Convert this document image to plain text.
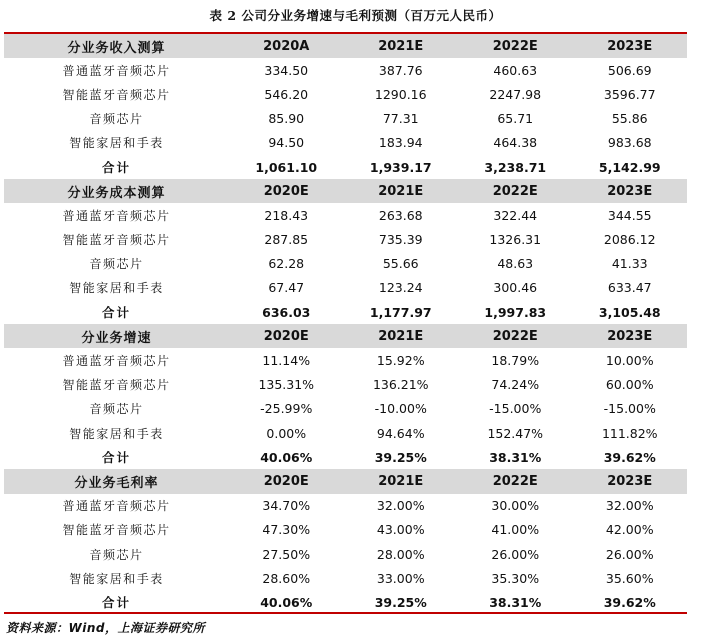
表 2 公司分业务增速与毛利预测（百万元人民币）
分业务收入测算	2020A	2021E	2022E	2023E
普通蓝牙音频芯片	334.50	387.76	460.63	506.69
智能蓝牙音频芯片	546.20	1290.16	2247.98	3596.77
音频芯片	85.90	77.31	65.71	55.86
智能家居和手表	94.50	183.94	464.38	983.68
合计	1,061.10	1,939.17	3,238.71	5,142.99
分业务成本测算	2020E	2021E	2022E	2023E
普通蓝牙音频芯片	218.43	263.68	322.44	344.55
智能蓝牙音频芯片	287.85	735.39	1326.31	2086.12
音频芯片	62.28	55.66	48.63	41.33
智能家居和手表	67.47	123.24	300.46	633.47
合计	636.03	1,177.97	1,997.83	3,105.48
分业务增速	2020E	2021E	2022E	2023E
普通蓝牙音频芯片	11.14%	15.92%	18.79%	10.00%
智能蓝牙音频芯片	135.31%	136.21%	74.24%	60.00%
音频芯片	-25.99%	-10.00%	-15.00%	-15.00%
智能家居和手表	0.00%	94.64%	152.47%	111.82%
合计	40.06%	39.25%	38.31%	39.62%
分业务毛利率	2020E	2021E	2022E	2023E
普通蓝牙音频芯片	34.70%	32.00%	30.00%	32.00%
智能蓝牙音频芯片	47.30%	43.00%	41.00%	42.00%
音频芯片	27.50%	28.00%	26.00%	26.00%
智能家居和手表	28.60%	33.00%	35.30%	35.60%
合计	40.06%	39.25%	38.31%	39.62%
资料来源：Wind，上海证券研究所
